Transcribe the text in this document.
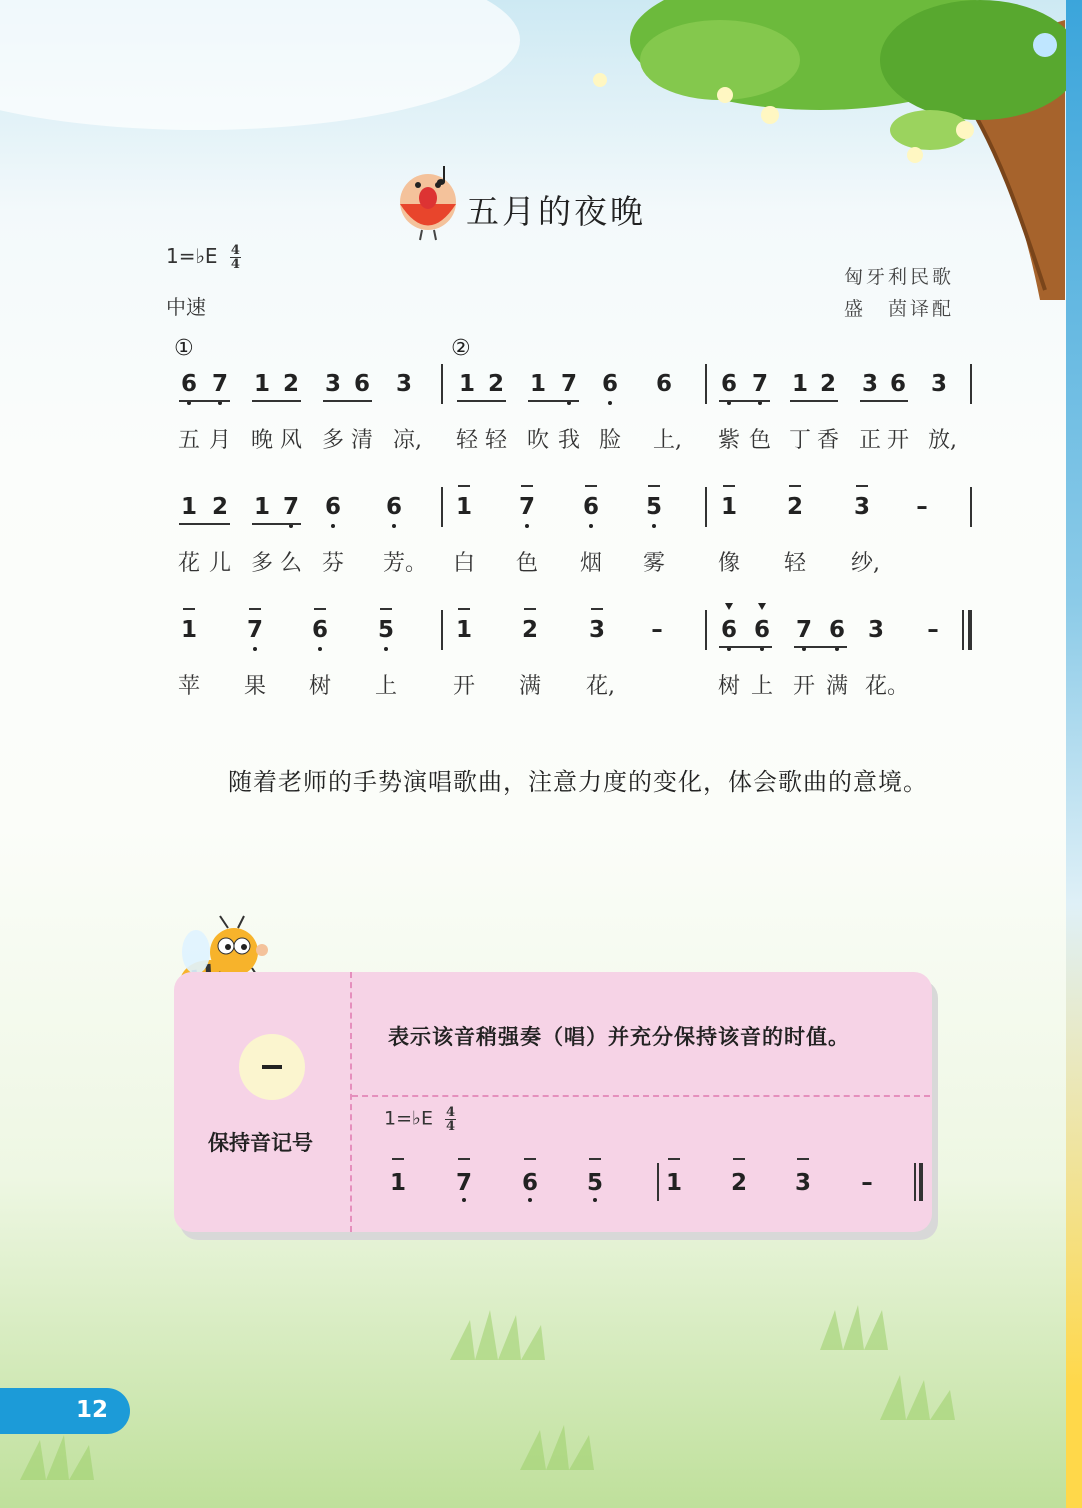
五月的夜晚
1=♭E $\frac{4}{4}$
中速
匈牙利民歌
盛　茵译配
①	②
6 7 1 2 3 6 3 1 2 1 7 6 6 6 7 1 2 3 6 3
五 月 晚 风 多 清 凉, 轻 轻 吹 我 脸 上, 紫 色 丁 香 正 开 放,
1 2 1 7 6 6 1 7 6 5	1 2 3 –
花 儿 多 么 芬 芳。 白 色 烟 雾 像 轻 纱,
1 7 6 5	1 2 3 –	6 6 7 6 3 –
苹 果 树 上	开 满 花,	树 上 开 满 花。
随着老师的手势演唱歌曲，注意力度的变化，体会歌曲的意境。
保持音记号
表示该音稍强奏（唱）并充分保持该音的时值。
1=♭E $\frac{4}{4}$
1 7 6 5	1 2 3 –
12
